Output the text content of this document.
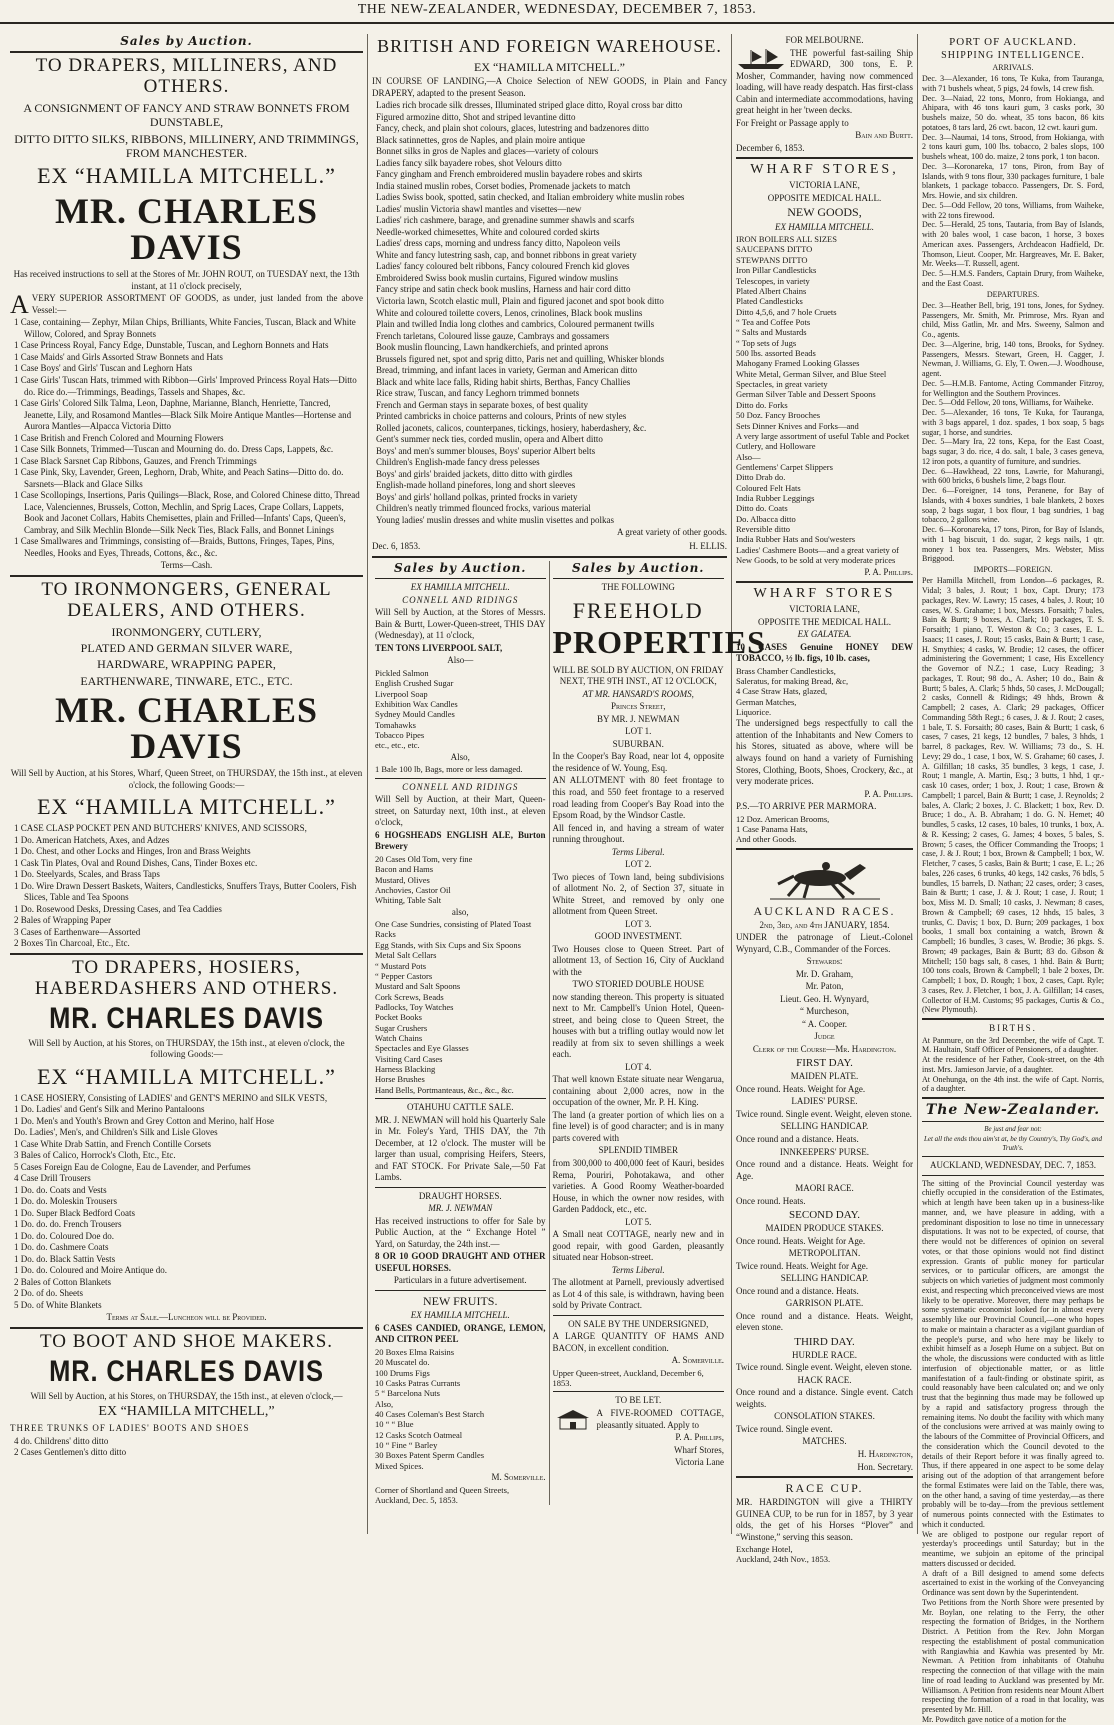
THE NEW-ZEALANDER, WEDNESDAY, DECEMBER 7, 1853.
Sales by Auction.
TO DRAPERS, MILLINERS, AND OTHERS.
A CONSIGNMENT OF FANCY AND STRAW BONNETS FROM DUNSTABLE,
DITTO DITTO SILKS, RIBBONS, MILLINERY, AND TRIMMINGS, FROM MANCHESTER.
EX “HAMILLA MITCHELL.”
MR. CHARLES DAVIS

Has received instructions to sell at the Stores of Mr. JOHN ROUT, on TUESDAY next, the 13th instant, at 11 o'clock precisely,

AVERY SUPERIOR ASSORTMENT OF GOODS, as under, just landed from the above Vessel:—

1 Case, containing— Zephyr, Milan Chips, Brilliants, White Fancies, Tuscan, Black and White Willow, Colored, and Spray Bonnets

1 Case Princess Royal, Fancy Edge, Dunstable, Tuscan, and Leghorn Bonnets and Hats

1 Case Maids' and Girls Assorted Straw Bonnets and Hats

1 Case Boys' and Girls' Tuscan and Leghorn Hats

1 Case Girls' Tuscan Hats, trimmed with Ribbon—Girls' Improved Princess Royal Hats—Ditto do. Rice do.—Trimmings, Beadings, Tassels and Shapes, &c.

1 Case Girls' Colored Silk Talma, Leon, Daphne, Marianne, Blanch, Henriette, Tancred, Jeanette, Lily, and Rosamond Mantles—Black Silk Moire Antique Mantles—Hortense and Aurora Mantles—Alpacca Victoria Ditto

1 Case British and French Colored and Mourning Flowers

1 Case Silk Bonnets, Trimmed—Tuscan and Mourning do. do. Dress Caps, Lappets, &c.

1 Case Black Sarsnet Cap Ribbons, Gauzes, and French Trimmings

1 Case Pink, Sky, Lavender, Green, Leghorn, Drab, White, and Peach Satins—Ditto do. do. Sarsnets—Black and Glace Silks

1 Case Scollopings, Insertions, Paris Quilings—Black, Rose, and Colored Chinese ditto, Thread Lace, Valenciennes, Brussels, Cotton, Mechlin, and Sprig Laces, Crape Collars, Lappets, Book and Jaconet Collars, Habits Chemisettes, plain and Frilled—Infants' Caps, Queen's, Cambray, and Silk Mechlin Blonde—Silk Neck Ties, Black Falls, and Bonnet Linings

1 Case Smallwares and Trimmings, consisting of—Braids, Buttons, Fringes, Tapes, Pins, Needles, Hooks and Eyes, Threads, Cottons, &c., &c.

Terms—Cash.

TO IRONMONGERS, GENERAL DEALERS, AND OTHERS.
IRONMONGERY, CUTLERY,
PLATED AND GERMAN SILVER WARE,
HARDWARE, WRAPPING PAPER,
EARTHENWARE, TINWARE, ETC., ETC.
MR. CHARLES DAVIS

Will Sell by Auction, at his Stores, Wharf, Queen Street, on THURSDAY, the 15th inst., at eleven o'clock, the following Goods:—

EX “HAMILLA MITCHELL.”

1 CASE CLASP POCKET PEN AND BUTCHERS' KNIVES, AND SCISSORS,

1 Do. American Hatchets, Axes, and Adzes

1 Do. Chest, and other Locks and Hinges, Iron and Brass Weights

1 Cask Tin Plates, Oval and Round Dishes, Cans, Tinder Boxes etc.

1 Do. Steelyards, Scales, and Brass Taps

1 Do. Wire Drawn Dessert Baskets, Waiters, Candlesticks, Snuffers Trays, Butter Coolers, Fish Slices, Table and Tea Spoons

1 Do. Rosewood Desks, Dressing Cases, and Tea Caddies

2 Bales of Wrapping Paper

3 Cases of Earthenware—Assorted

2 Boxes Tin Charcoal, Etc., Etc.

TO DRAPERS, HOSIERS, HABERDASHERS AND OTHERS.
MR. CHARLES DAVIS

Will Sell by Auction, at his Stores, on THURSDAY, the 15th inst., at eleven o'clock, the following Goods:—

EX “HAMILLA MITCHELL.”

1 CASE HOSIERY, Consisting of LADIES' and GENT'S MERINO and SILK VESTS,

1 Do. Ladies' and Gent's Silk and Merino Pantaloons

1 Do. Men's and Youth's Brown and Grey Cotton and Merino, half Hose

Do. Ladies', Men's, and Children's Silk and Lisle Gloves

1 Case White Drab Sattin, and French Contille Corsets

3 Bales of Calico, Horrock's Cloth, Etc., Etc.

5 Cases Foreign Eau de Cologne, Eau de Lavender, and Perfumes

4 Case Drill Trousers

1 Do. do. Coats and Vests

1 Do. do. Moleskin Trousers

1 Do. Super Black Bedford Coats

1 Do. do. do. French Trousers

1 Do. do. Coloured Doe do.

1 Do. do. Cashmere Coats

1 Do. do. Black Sattin Vests

1 Do. do. Coloured and Moire Antique do.

2 Bales of Cotton Blankets

2 Do. of do. Sheets

5 Do. of White Blankets

Terms at Sale.—Luncheon will be Provided.

TO BOOT AND SHOE MAKERS.
MR. CHARLES DAVIS

Will Sell by Auction, at his Stores, on THURSDAY, the 15th inst., at eleven o'clock,—

EX “HAMILLA MITCHELL,”

THREE TRUNKS OF LADIES' BOOTS AND SHOES

4 do. Childrens' ditto ditto

2 Cases Gentlemen's ditto ditto

BRITISH AND FOREIGN WAREHOUSE.
EX “HAMILLA MITCHELL.”

IN COURSE OF LANDING,—A Choice Selection of NEW GOODS, in Plain and Fancy DRAPERY, adapted to the present Season.

Ladies rich brocade silk dresses, Illuminated striped glace ditto, Royal cross bar ditto

Figured armozine ditto, Shot and striped levantine ditto

Fancy, check, and plain shot colours, glaces, lutestring and badzenores ditto

Black satinnettes, gros de Naples, and plain moire antique

Bonnet silks in gros de Naples and glaces—variety of colours

Ladies fancy silk bayadere robes, shot Velours ditto

Fancy gingham and French embroidered muslin bayadere robes and skirts

India stained muslin robes, Corset bodies, Promenade jackets to match

Ladies Swiss book, spotted, satin checked, and Italian embroidery white muslin robes

Ladies' muslin Victoria shawl mantles and visettes—new

Ladies' rich cashmere, barage, and grenadine summer shawls and scarfs

Needle-worked chimesettes, White and coloured corded skirts

Ladies' dress caps, morning and undress fancy ditto, Napoleon veils

White and fancy lutestring sash, cap, and bonnet ribbons in great variety

Ladies' fancy coloured belt ribbons, Fancy coloured French kid gloves

Embroidered Swiss book muslin curtains, Figured window muslins

Fancy stripe and satin check book muslins, Harness and hair cord ditto

Victoria lawn, Scotch elastic mull, Plain and figured jaconet and spot book ditto

White and coloured toilette covers, Lenos, crinolines, Black book muslins

Plain and twilled India long clothes and cambrics, Coloured permanent twills

French tarletans, Coloured lisse gauze, Cambrays and gossamers

Book muslin flouncing, Lawn handkerchiefs, and printed aprons

Brussels figured net, spot and sprig ditto, Paris net and quilling, Whisker blonds

Bread, trimming, and infant laces in variety, German and American ditto

Black and white lace falls, Riding habit shirts, Berthas, Fancy Challies

Rice straw, Tuscan, and fancy Leghorn trimmed bonnets

French and German stays in separate boxes, of best quality

Printed cambricks in choice patterns and colours, Prints of new styles

Rolled jaconets, calicos, counterpanes, tickings, hosiery, haberdashery, &c.

Gent's summer neck ties, corded muslin, opera and Albert ditto

Boys' and men's summer blouses, Boys' superior Albert belts

Children's English-made fancy dress pelesses

Boys' and girls' braided jackets, ditto ditto with girdles

English-made holland pinefores, long and short sleeves

Boys' and girls' holland polkas, printed frocks in variety

Children's neatly trimmed flounced frocks, various material

Young ladies' muslin dresses and white muslin visettes and polkas

A great variety of other goods.

Dec. 6, 1853.	H. ELLIS.
Sales by Auction.
EX HAMILLA MITCHELL.
CONNELL AND RIDINGS

Will Sell by Auction, at the Stores of Messrs. Bain & Burtt, Lower-Queen-street, THIS DAY (Wednesday), at 11 o'clock,

TEN TONS LIVERPOOL SALT,

Also—

Pickled Salmon

English Crushed Sugar

Liverpool Soap

Exhibition Wax Candles

Sydney Mould Candles

Tomahawks

Tobacco Pipes

etc., etc., etc.

Also,

1 Bale 100 lb, Bags, more or less damaged.

CONNELL AND RIDINGS

Will Sell by Auction, at their Mart, Queen-street, on Saturday next, 10th inst., at eleven o'clock,

6 HOGSHEADS ENGLISH ALE, Burton Brewery

20 Cases Old Tom, very fine

Bacon and Hams

Mustard, Olives

Anchovies, Castor Oil

Whiting, Table Salt

also,

One Case Sundries, consisting of Plated Toast Racks

Egg Stands, with Six Cups and Six Spoons

Metal Salt Cellars

“ Mustard Pots

“ Pepper Castors

Mustard and Salt Spoons

Cork Screws, Beads

Padlocks, Toy Watches

Pocket Books

Sugar Crushers

Watch Chains

Spectacles and Eye Glasses

Visiting Card Cases

Harness Blacking

Horse Brushes

Hand Bells, Portmanteaus, &c., &c., &c.

OTAHUHU CATTLE SALE.

MR. J. NEWMAN will hold his Quarterly Sale in Mr. Foley's Yard, THIS DAY, the 7th December, at 12 o'clock. The muster will be larger than usual, comprising Heifers, Steers, and FAT STOCK. For Private Sale,—50 Fat Lambs.

DRAUGHT HORSES.
MR. J. NEWMAN

Has received instructions to offer for Sale by Public Auction, at the “ Exchange Hotel ” Yard, on Saturday, the 24th inst.—

8 OR 10 GOOD DRAUGHT AND OTHER USEFUL HORSES.

Particulars in a future advertisement.

NEW FRUITS.
EX HAMILLA MITCHELL.

6 CASES CANDIED, ORANGE, LEMON, AND CITRON PEEL

20 Boxes Elma Raisins

20 Muscatel do.

100 Drums Figs

10 Casks Patras Currants

5 “ Barcelona Nuts

Also,

40 Cases Coleman's Best Starch

10 “ “ Blue

12 Casks Scotch Oatmeal

10 “ Fine “ Barley

30 Boxes Patent Sperm Candles

Mixed Spices.

M. Somerville.

Corner of Shortland and Queen Streets, Auckland, Dec. 5, 1853.

Sales by Auction.
THE FOLLOWING
FREEHOLD
PROPERTIES

WILL BE SOLD BY AUCTION, ON FRIDAY NEXT, THE 9TH INST., AT 12 O'CLOCK,

AT MR. HANSARD'S ROOMS,

Princes Street,

BY MR. J. NEWMAN

LOT 1.

SUBURBAN.

In the Cooper's Bay Road, near lot 4, opposite the residence of W. Young, Esq.

AN ALLOTMENT with 80 feet frontage to this road, and 550 feet frontage to a reserved road leading from Cooper's Bay Road into the Epsom Road, by the Windsor Castle.

All fenced in, and having a stream of water running throughout.

Terms Liberal.

LOT 2.

Two pieces of Town land, being subdivisions of allotment No. 2, of Section 37, situate in White Street, and removed by only one allotment from Queen Street.

LOT 3.

GOOD INVESTMENT.

Two Houses close to Queen Street. Part of allotment 13, of Section 16, City of Auckland with the

TWO STORIED DOUBLE HOUSE

now standing thereon. This property is situated next to Mr. Campbell's Union Hotel, Queen-street, and being close to Queen Street, the houses with but a trifling outlay would now let readily at from six to seven shillings a week each.

LOT 4.

That well known Estate situate near Wengarua, containing about 2,000 acres, now in the occupation of the owner, Mr. P. H. King.

The land (a greater portion of which lies on a fine level) is of good character; and is in many parts covered with

SPLENDID TIMBER

from 300,000 to 400,000 feet of Kauri, besides Rema, Pouriri, Pohotakawa, and other varieties. A Good Roomy Weather-boarded House, in which the owner now resides, with Garden Paddock, etc., etc.

LOT 5.

A Small neat COTTAGE, nearly new and in good repair, with good Garden, pleasantly situated near Hobson-street.

Terms Liberal.

The allotment at Parnell, previously advertised as Lot 4 of this sale, is withdrawn, having been sold by Private Contract.

ON SALE BY THE UNDERSIGNED,

A LARGE QUANTITY OF HAMS AND BACON, in excellent condition.

A. Somerville.

Upper Queen-street, Auckland, December 6, 1853.

TO BE LET.

A FIVE-ROOMED COTTAGE, pleasantly situated. Apply to

P. A. Phillips,

Wharf Stores,

Victoria Lane

FOR MELBOURNE.

THE powerful fast-sailing Ship EDWARD, 300 tons, E. P. Mosher, Commander, having now commenced loading, will have ready despatch. Has first-class Cabin and intermediate accommodations, having great height in her 'tween decks.

For Freight or Passage apply to

Bain and Burtt.

December 6, 1853.

WHARF STORES,
VICTORIA LANE,
OPPOSITE MEDICAL HALL.
NEW GOODS,
EX HAMILLA MITCHELL.

IRON BOILERS ALL SIZES

SAUCEPANS DITTO

STEWPANS DITTO

Iron Pillar Candlesticks

Telescopes, in variety

Plated Albert Chains

Plated Candlesticks

Ditto 4,5,6, and 7 hole Cruets

“ Tea and Coffee Pots

“ Salts and Mustards

“ Top sets of Jugs

500 lbs. assorted Beads

Mahogany Framed Looking Glasses

White Metal, German Silver, and Blue Steel Spectacles, in great variety

German Silver Table and Dessert Spoons

Ditto do. Forks

50 Doz. Fancy Brooches

Sets Dinner Knives and Forks—and

A very large assortment of useful Table and Pocket Cutlery, and Holloware

Also—

Gentlemens' Carpet Slippers

Ditto Drab do.

Coloured Felt Hats

India Rubber Leggings

Ditto do. Coats

Do. Albacca ditto

Reversible ditto

India Rubber Hats and Sou'westers

Ladies' Cashmere Boots—and a great variety of New Goods, to be sold at very moderate prices

P. A. Phillips.

WHARF STORES
VICTORIA LANE,
OPPOSITE THE MEDICAL HALL.
EX GALATEA.

10 CASES Genuine HONEY DEW TOBACCO, ½ lb. figs, 10 lb. cases,

Brass Chamber Candlesticks,

Saleratus, for making Bread, &c,

4 Case Straw Hats, glazed,

German Matches,

Liquorice.

The undersigned begs respectfully to call the attention of the Inhabitants and New Comers to his Stores, situated as above, where will be always found on hand a variety of Furnishing Stores, Clothing, Boots, Shoes, Crockery, &c., at very moderate prices.

P. A. Phillips.

P.S.—TO ARRIVE PER MARMORA.

12 Doz. American Brooms,

1 Case Panama Hats,

And other Goods.

AUCKLAND RACES.
2nd, 3rd, and 4th JANUARY, 1854.

UNDER the patronage of Lieut.-Colonel Wynyard, C.B., Commander of the Forces.

Stewards:

Mr. D. Graham,

Mr. Paton,

Lieut. Geo. H. Wynyard,

“ Murcheson,

“ A. Cooper.

Judge

Clerk of the Course—Mr. Hardington.

FIRST DAY.

MAIDEN PLATE.

Once round. Heats. Weight for Age.

LADIES' PURSE.

Twice round. Single event. Weight, eleven stone.

SELLING HANDICAP.

Once round and a distance. Heats.

INNKEEPERS' PURSE.

Once round and a distance. Heats. Weight for Age.

MAORI RACE.

Once round. Heats.

SECOND DAY.

MAIDEN PRODUCE STAKES.

Once round. Heats. Weight for Age.

METROPOLITAN.

Twice round. Heats. Weight for Age.

SELLING HANDICAP.

Once round and a distance. Heats.

GARRISON PLATE.

Once round and a distance. Heats. Weight, eleven stone.

THIRD DAY.

HURDLE RACE.

Twice round. Single event. Weight, eleven stone.

HACK RACE.

Once round and a distance. Single event. Catch weights.

CONSOLATION STAKES.

Twice round. Single event.

MATCHES.

H. Hardington,

Hon. Secretary.

RACE CUP.

MR. HARDINGTON will give a THIRTY GUINEA CUP, to be run for in 1857, by 3 year olds, the get of his Horses “Plover” and “Winstone,” serving this season.

Exchange Hotel,

Auckland, 24th Nov., 1853.

PORT OF AUCKLAND.
SHIPPING INTELLIGENCE.
ARRIVALS.

Dec. 3—Alexander, 16 tons, Te Kuka, from Tauranga, with 71 bushels wheat, 5 pigs, 24 fowls, 14 crew fish.

Dec. 3—Naiad, 22 tons, Monro, from Hokianga, and Ahipara, with 46 tons kauri gum, 3 casks pork, 30 bushels maize, 50 do. wheat, 35 tons bacon, 86 kits potatoes, 8 tars lard, 26 cwt. bacon, 12 cwt. kauri gum.

Dec. 3—Naumai, 14 tons, Strood, from Hokianga, with 2 tons kauri gum, 100 lbs. tobacco, 2 bales slops, 100 bushels wheat, 100 do. maize, 2 tons pork, 1 ton bacon.

Dec. 3—Koronareka, 17 tons, Piron, from Bay of Islands, with 9 tons flour, 330 packages furniture, 1 bale blankets, 1 package tobacco. Passengers, Dr. S. Ford, Mrs. Howie, and six children.

Dec. 5—Odd Fellow, 20 tons, Williams, from Waiheke, with 22 tons firewood.

Dec. 5—Herald, 25 tons, Tautaria, from Bay of Islands, with 20 bales wool, 1 case bacon, 1 horse, 3 boxes American axes. Passengers, Archdeacon Hadfield, Dr. Thomson, Lieut. Cooper, Mr. Hargreaves, Mr. E. Baker, Mr. Weeks—T. Russell, agent.

Dec. 5—H.M.S. Fanders, Captain Drury, from Waiheke, and the East Coast.

DEPARTURES.

Dec. 3—Heather Bell, brig, 191 tons, Jones, for Sydney. Passengers, Mr. Smith, Mr. Primrose, Mrs. Ryan and child, Miss Gatlin, Mr. and Mrs. Sweeny, Salmon and Co., agents.

Dec. 3—Algerine, brig, 140 tons, Brooks, for Sydney. Passengers, Messrs. Stewart, Green, H. Cagger, J. Newman, J. Williams, G. Ely, T. Owen.—J. Woodhouse, agent.

Dec. 5—H.M.B. Fantome, Acting Commander Fitzroy, for Wellington and the Southern Provinces.

Dec. 5—Odd Fellow, 20 tons, Williams, for Waiheke.

Dec. 5—Alexander, 16 tons, Te Kuka, for Tauranga, with 3 bags apparel, 1 doz. spades, 1 box soap, 5 bags sugar, 1 horse, and sundries.

Dec. 5—Mary Ira, 22 tons, Kepa, for the East Coast, bags sugar, 3 do. rice, 4 do. salt, 1 bale, 3 cases geneva, 12 iron pots, a quantity of furniture, and sundries.

Dec. 6—Hawkhead, 22 tons, Lawrie, for Mahurangi, with 600 bricks, 6 bushels lime, 2 bags flour.

Dec. 6—Foreigner, 14 tons, Peranene, for Bay of Islands, with 4 boxes sundries, 1 bale blankets, 2 boxes soap, 2 bags sugar, 1 box flour, 1 bag sundries, 1 bag tobacco, 2 gallons wine.

Dec. 6—Koronareka, 17 tons, Piron, for Bay of Islands, with 1 bag biscuit, 1 do. sugar, 2 kegs nails, 1 qtr. money 1 box tea. Passengers, Mrs. Webster, Miss Briggood.

IMPORTS—FOREIGN.

Per Hamilla Mitchell, from London—6 packages, R. Vidal; 3 bales, J. Rout; 1 box, Capt. Drury; 173 packages, Rev. W. Lawry; 15 cases, 4 bales, J. Rout; 10 cases, W. S. Grahame; 1 box, Messrs. Forsaith; 7 bales, Bain & Burtt; 9 boxes, A. Clark; 10 packages, T. S. Forsaith; 1 piano, T. Weston & Co.; 3 cases, E. L. Isaacs; 11 cases, J. Rout; 15 casks, Bain & Burtt; 1 case, H. Smythies; 4 casks, W. Brodie; 12 cases, the officer administering the Government; 1 case, His Excellency the Governor of N.Z.; 1 case, Lucy Reading; 3 packages, T. Rout; 98 do., A. Asher; 10 do., Bain & Burtt; 5 bales, A. Clark; 5 hhds, 50 cases, J. McDougall; 2 casks, Connell & Ridings; 49 hhds, Brown & Campbell; 2 cases, A. Clark; 29 packages, Officer Commanding 58th Regt.; 6 cases, J. & J. Rout; 2 cases, 1 bale, T. S. Forsaith; 80 cases, Bain & Burtt; 1 cask, 6 cases, 7 cases, 21 kegs, 12 bundles, 7 bales, 3 hhds, 1 barrel, 8 packages, Rev. W. Williams; 73 do., S. H. Levy; 29 do., 1 case, 1 box, W. S. Grahame; 60 cases, J. A. Gilfillan; 18 casks, 35 bundles, 3 kegs, 1 case, J. Rout; 1 mangle, A. Martin, Esq.; 3 butts, 1 hhd, 1 qr.-cask 10 cases, order; 1 box, J. Rout; 1 case, Brown & Campbell; 1 parcel, Bain & Burtt; 1 case, J. Reynolds; 2 bales, A. Clark; 2 boxes, J. C. Blackett; 1 box, Rev. D. Bruce; 1 do., A. B. Abraham; 1 do. G. N. Hemet; 40 bundles, 5 casks, 12 cases, 10 bales, 10 trunks, 1 box, A. & R. Kessing; 2 cases, G. James; 4 boxes, 5 bales, S. Brown; 5 cases, the Officer Commanding the Troops; 1 case, J. & J. Rout; 1 box, Brown & Campbell; 1 box, W. Fletcher, 7 cases, 5 casks, Bain & Burtt; 1 case, E. L.; 26 bales, 226 cases, 6 trunks, 40 kegs, 142 casks, 76 bdls, 5 bundles, 15 barrels, D. Nathan; 22 cases, order; 3 cases, Bain & Burtt; 1 case, J. & J. Rout; 1 case, J. Rout; 1 box, Miss M. D. Small; 10 casks, J. Newman; 8 cases, Brown & Campbell; 69 cases, 12 hhds, 15 bales, 3 trunks, C. Davis; 1 box, D. Burn; 209 packages, 1 box books, 1 small box containing a watch, Brown & Campbell; 16 bundles, 3 cases, W. Brodie; 36 pkgs. S. Brown; 49 packages, Bain & Burtt; 83 do. Gibson & Mitchell; 150 bags salt, 8 cases, 1 hhd. Bain & Burtt; 100 tons coals, Brown & Campbell; 1 bale 2 boxes, Dr. Campbell; 1 box, D. Rough; 1 box, 2 cases, Capt. Ryle; 3 cases, Rev. J. Fletcher, 1 box, J. A. Gilfillan; 14 cases, Collector of H.M. Customs; 95 packages, Curtis & Co., (New Plymouth).

BIRTHS.

At Panmure, on the 3rd December, the wife of Capt. T. M. Haultain, Staff Officer of Pensioners, of a daughter.

At the residence of her Father, Cook-street, on the 4th inst. Mrs. Jamieson Jarvie, of a daughter.

At Onehunga, on the 4th inst. the wife of Capt. Norris, of a daughter.

The New-Zealander.
Be just and fear not:
Let all the ends thou aim'st at, be thy Country's, Thy God's, and Truth's.
AUCKLAND, WEDNESDAY, DEC. 7, 1853.

The sitting of the Provincial Council yesterday was chiefly occupied in the consideration of the Estimates, which at length have been taken up in a business-like manner, and, we have pleasure in adding, with a predominant disposition to lose no time in unnecessary disputations. It was not to be expected, of course, that there would not be differences of opinion on several votes, or that those opinions would not find distinct expression. Grants of public money for particular services, or to particular officers, are amongst the subjects on which varieties of judgment most commonly exist, and respecting which preconceived views are most likely to be operative. Moreover, there may perhaps be some systematic economist looked for in almost every assembly like our Provincial Council,—one who hopes to make or maintain a character as a vigilant guardian of the people's purse, and who here may be likely to exhibit himself as a Joseph Hume on a subject. But on the whole, the discussions were conducted with as little interfusion of objectionable matter, or as little manifestation of a fault-finding or obstinate spirit, as could reasonably have been calculated on; and we only trust that the beginning thus made may be followed up by a rapid and satisfactory progress through the remaining items. No doubt the facility with which many of the conclusions were arrived at was mainly owing to the labours of the Committee of Provincial Officers, and the consideration which the Council devoted to the details of their Report before it was finally agreed to. Thus, if there appeared in one aspect to be some delay arising out of the adoption of that arrangement before the formal Estimates were laid on the Table, there was, on the other hand, a saving of time yesterday,—as there probably will be to-day—from the previous settlement of numerous points connected with the Estimates to which it conducted.

We are obliged to postpone our regular report of yesterday's proceedings until Saturday; but in the meantime, we subjoin an epitome of the principal matters discussed or decided.

A draft of a Bill designed to amend some defects ascertained to exist in the working of the Conveyancing Ordinance was sent down by the Superintendent.

Two Petitions from the North Shore were presented by Mr. Boylan, one relating to the Ferry, the other respecting the formation of Bridges, in the Northern District. A Petition from the Rev. John Morgan respecting the establishment of postal communication with Rangiawhia and Kawhia was presented by Mr. Newman. A Petition from inhabitants of Otahuhu respecting the connection of that village with the main line of road leading to Auckland was presented by Mr. Williamson. A Petition from residents near Mount Albert respecting the formation of a road in that locality, was presented by Mr. Hill.

Mr. Powditch gave notice of a motion for the
